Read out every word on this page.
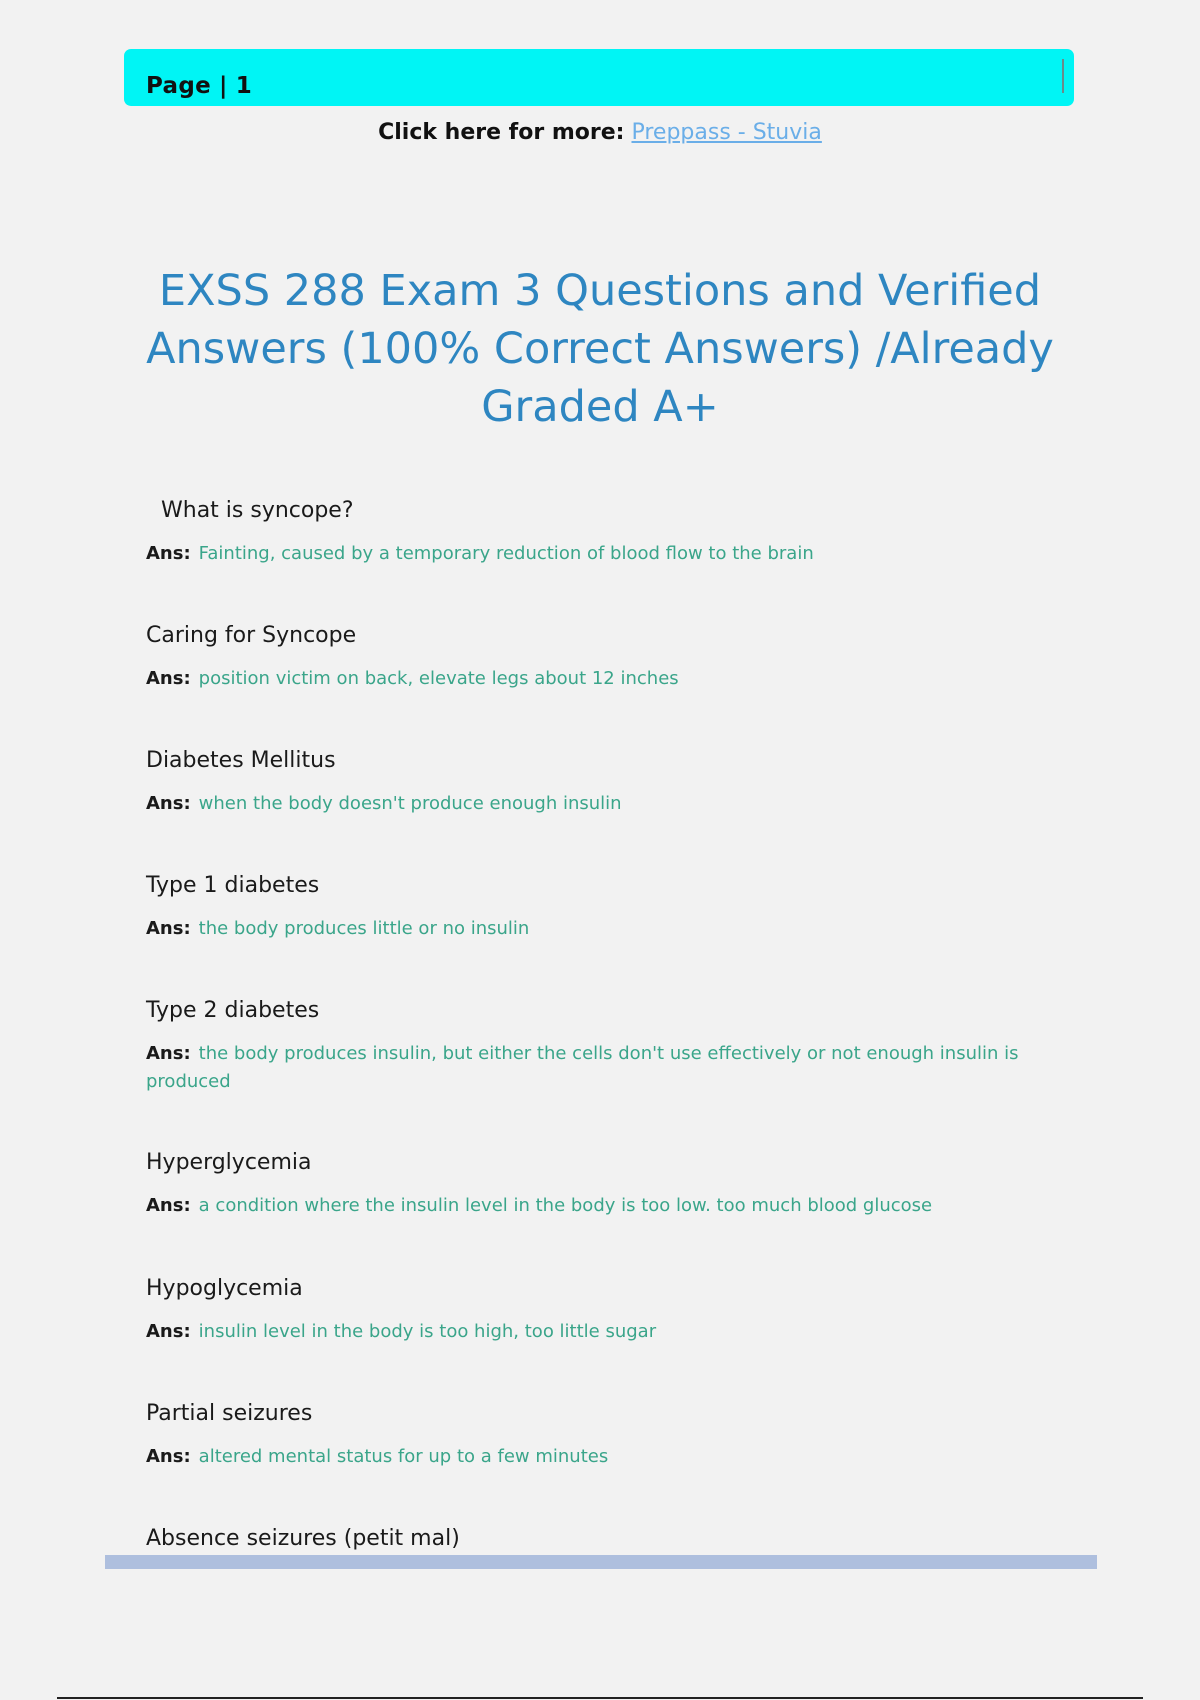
Page | 1
Click here for more: Preppass - Stuvia
EXSS 288 Exam 3 Questions and Verified Answers (100% Correct Answers) /Already Graded A+
What is syncope?
Ans: Fainting, caused by a temporary reduction of blood flow to the brain
Caring for Syncope
Ans: position victim on back, elevate legs about 12 inches
Diabetes Mellitus
Ans: when the body doesn't produce enough insulin
Type 1 diabetes
Ans: the body produces little or no insulin
Type 2 diabetes
Ans: the body produces insulin, but either the cells don't use effectively or not enough insulin is produced
Hyperglycemia
Ans: a condition where the insulin level in the body is too low. too much blood glucose
Hypoglycemia
Ans: insulin level in the body is too high, too little sugar
Partial seizures
Ans: altered mental status for up to a few minutes
Absence seizures (petit mal)
